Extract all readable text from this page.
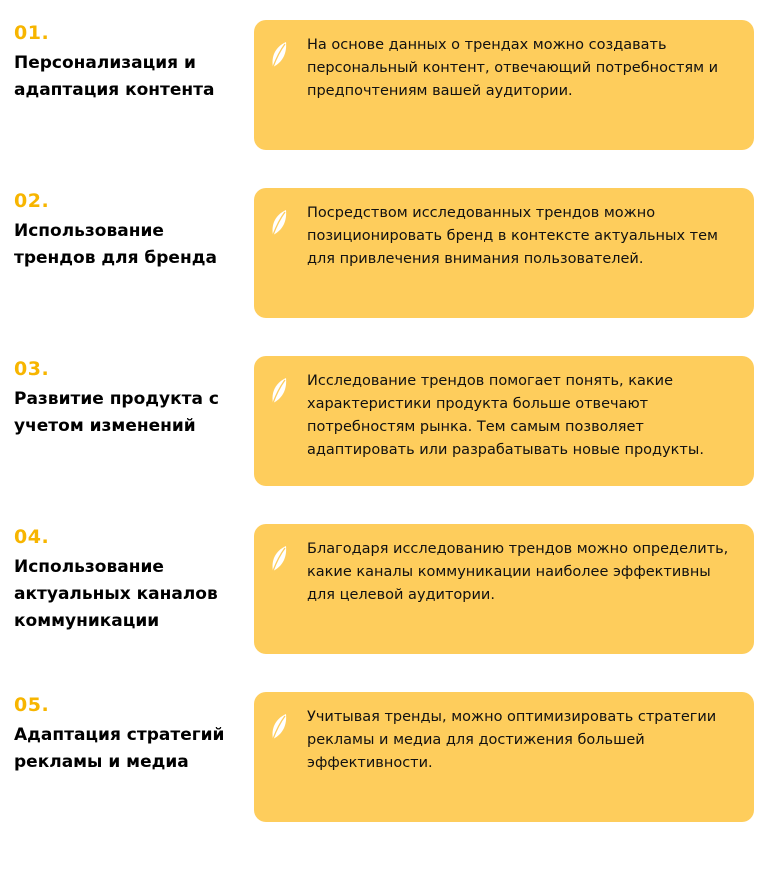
01.
Персонализация и адаптация контента
На основе данных о трендах можно создавать персональный контент, отвечающий потребностям и предпочтениям вашей аудитории.
02.
Использование трендов для бренда
Посредством исследованных трендов можно позиционировать бренд в контексте актуальных тем для привлечения внимания пользователей.
03.
Развитие продукта с учетом изменений
Исследование трендов помогает понять, какие характеристики продукта больше отвечают потребностям рынка. Тем самым позволяет адаптировать или разрабатывать новые продукты.
04.
Использование актуальных каналов коммуникации
Благодаря исследованию трендов можно определить, какие каналы коммуникации наиболее эффективны для целевой аудитории.
05.
Адаптация стратегий рекламы и медиа
Учитывая тренды, можно оптимизировать стратегии рекламы и медиа для достижения большей эффективности.
